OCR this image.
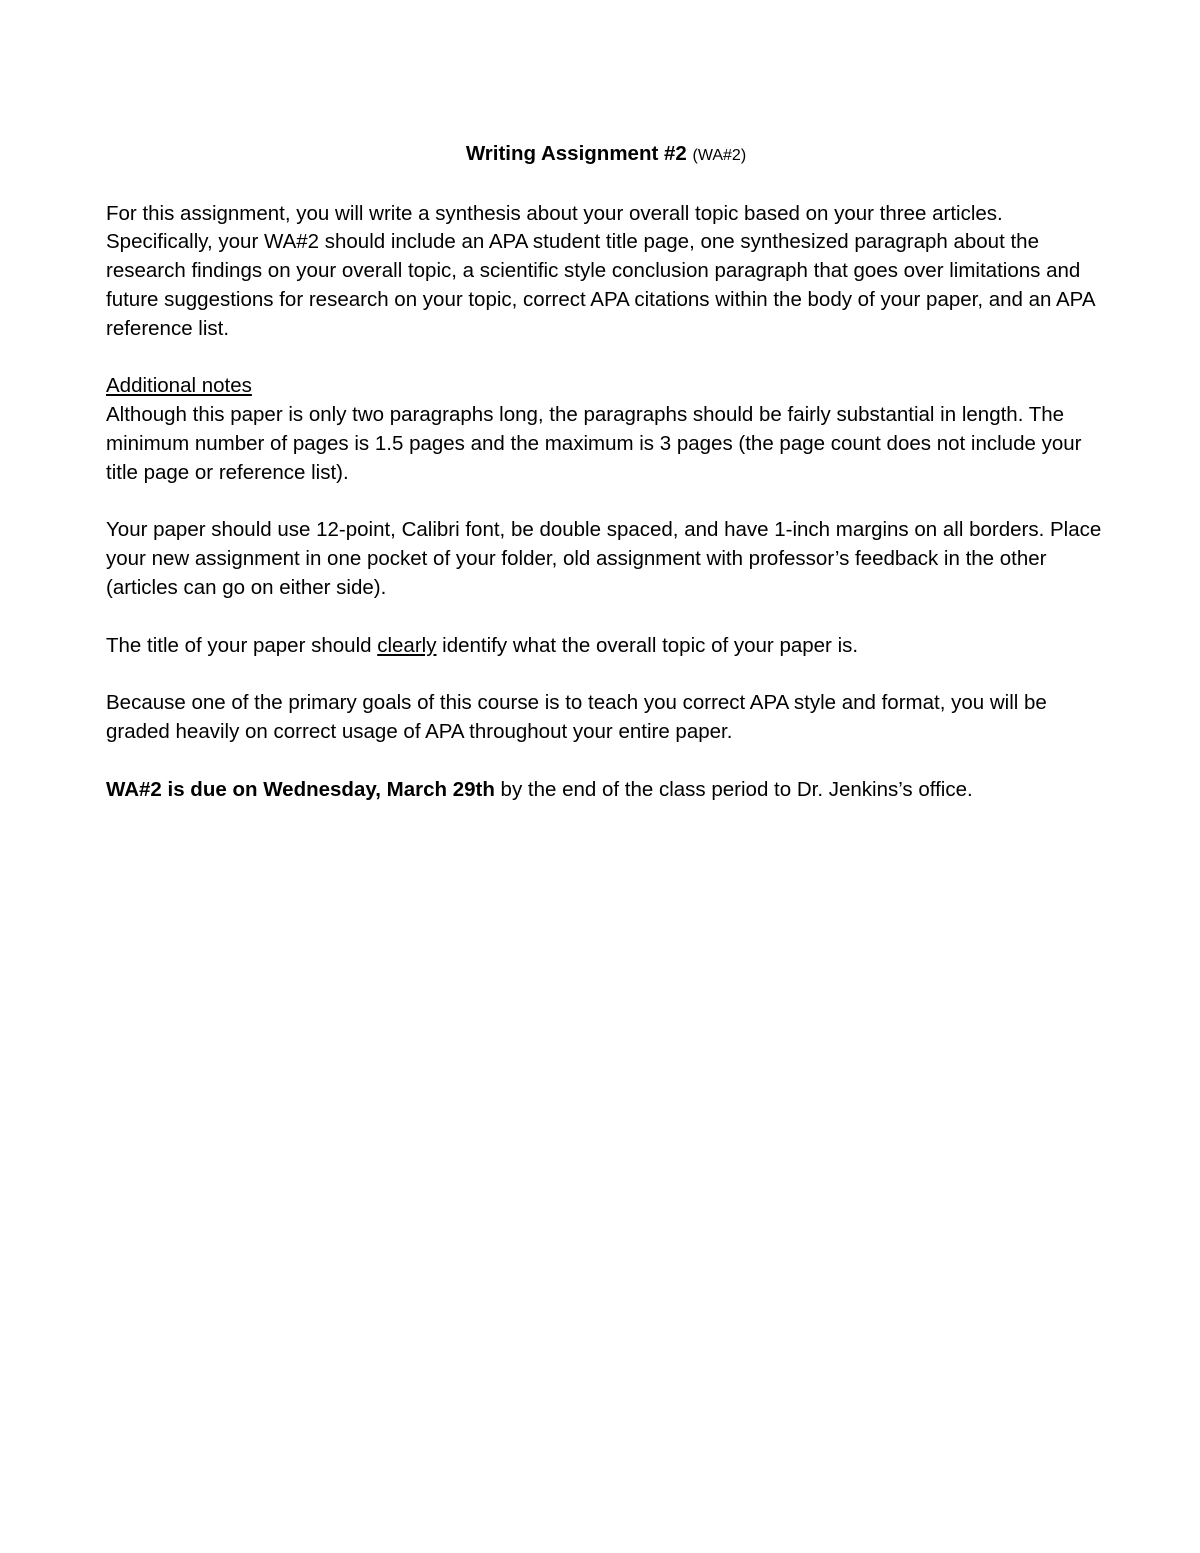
Writing Assignment #2 (WA#2)

For this assignment, you will write a synthesis about your overall topic based on your three articles. Specifically, your WA#2 should include an APA student title page, one synthesized paragraph about the research findings on your overall topic, a scientific style conclusion paragraph that goes over limitations and future suggestions for research on your topic, correct APA citations within the body of your paper, and an APA reference list.

Additional notes
Although this paper is only two paragraphs long, the paragraphs should be fairly substantial in length. The minimum number of pages is 1.5 pages and the maximum is 3 pages (the page count does not include your title page or reference list).

Your paper should use 12-point, Calibri font, be double spaced, and have 1-inch margins on all borders. Place your new assignment in one pocket of your folder, old assignment with professor’s feedback in the other (articles can go on either side).

The title of your paper should clearly identify what the overall topic of your paper is.

Because one of the primary goals of this course is to teach you correct APA style and format, you will be graded heavily on correct usage of APA throughout your entire paper.

WA#2 is due on Wednesday, March 29th by the end of the class period to Dr. Jenkins’s office.
